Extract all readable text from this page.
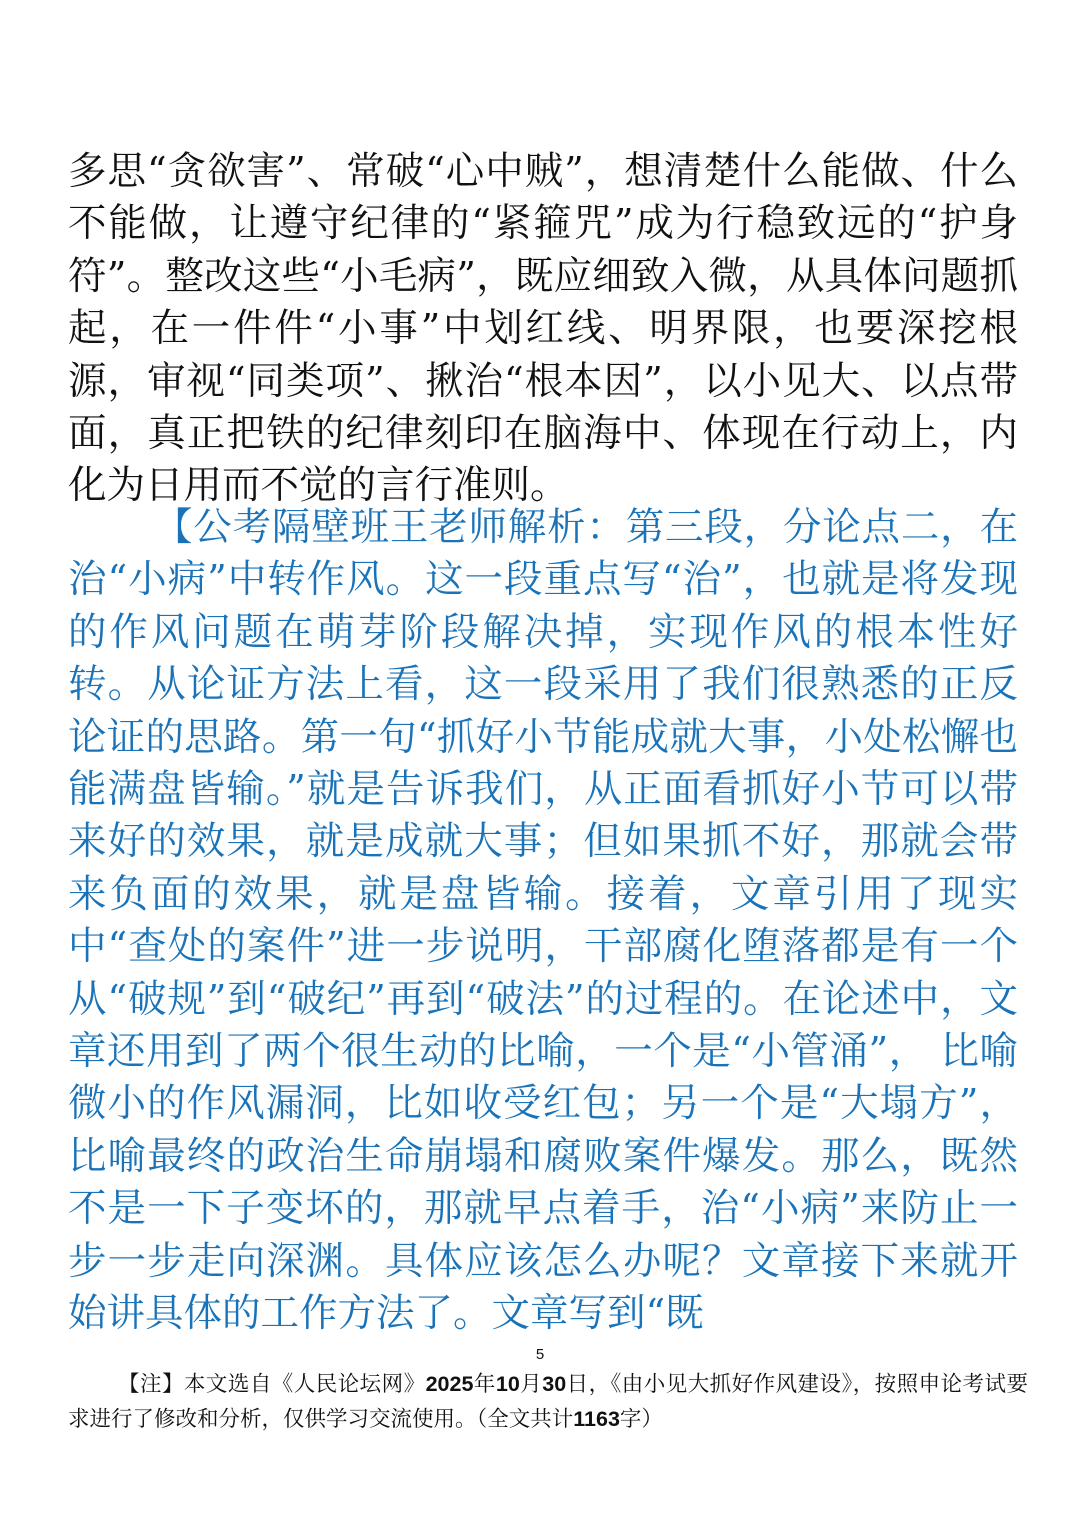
多思“贪欲害”、常破“心中贼”，想清楚什么能做、什么不能做，让遵守纪律的“紧箍咒”成为行稳致远的“护身符”。整改这些“小毛病”，既应细致入微，从具体问题抓起，在一件件“小事”中划红线、明界限，也要深挖根源，审视“同类项”、揪治“根本因”，以小见大、以点带面，真正把铁的纪律刻印在脑海中、体现在行动上，内化为日用而不觉的言行准则。

【公考隔壁班王老师解析：第三段，分论点二，在治“小病”中转作风。这一段重点写“治”，也就是将发现的作风问题在萌芽阶段解决掉，实现作风的根本性好转。从论证方法上看，这一段采用了我们很熟悉的正反论证的思路。第一句“抓好小节能成就大事，小处松懈也能满盘皆输。”就是告诉我们，从正面看抓好小节可以带来好的效果，就是成就大事；但如果抓不好，那就会带来负面的效果，就是盘皆输。接着，文章引用了现实中“查处的案件”进一步说明，干部腐化堕落都是有一个从“破规”到“破纪”再到“破法”的过程的。在论述中，文章还用到了两个很生动的比喻，一个是“小管涌”， 比喻微小的作风漏洞，比如收受红包；另一个是“大塌方”，比喻最终的政治生命崩塌和腐败案件爆发。那么，既然不是一下子变坏的，那就早点着手，治“小病”来防止一步一步走向深渊。具体应该怎么办呢？文章接下来就开始讲具体的工作方法了。文章写到“既

5

【注】本文选自《人民论坛网》2025年10月30日，《由小见大抓好作风建设》，按照申论考试要求进行了修改和分析，仅供学习交流使用。（全文共计1163字）
